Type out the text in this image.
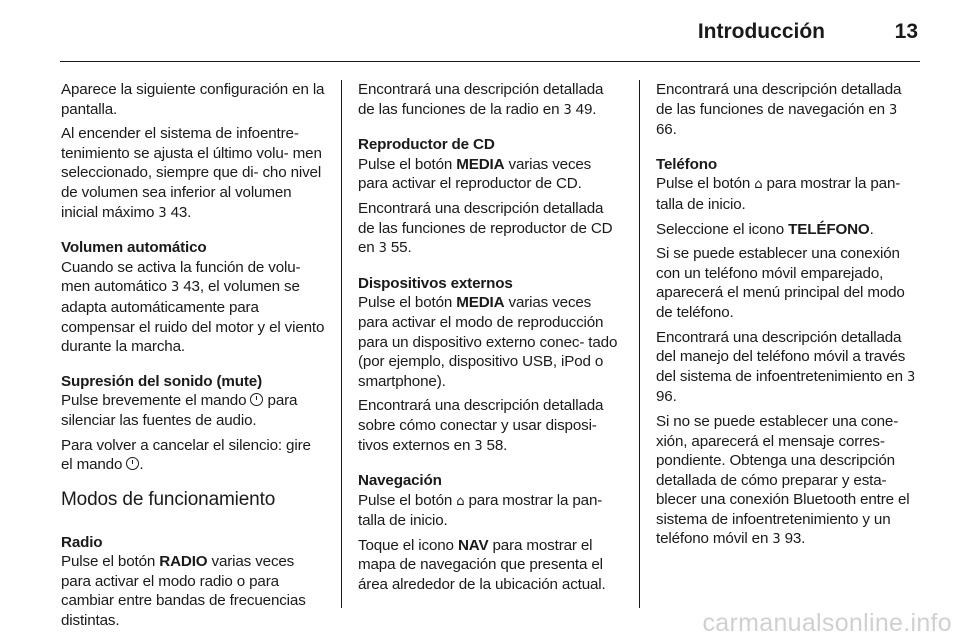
Introducción	13

Aparece la siguiente configuración en la pantalla.

Al encender el sistema de infoentre- tenimiento se ajusta el último volu- men seleccionado, siempre que di- cho nivel de volumen sea inferior al volumen inicial máximo 3 43.

Volumen automático
Cuando se activa la función de volu- men automático 3 43, el volumen se adapta automáticamente para compensar el ruido del motor y el viento durante la marcha.

Supresión del sonido (mute)
Pulse brevemente el mando para silenciar las fuentes de audio.

Para volver a cancelar el silencio: gire el mando .

Modos de funcionamiento

Radio
Pulse el botón RADIO varias veces para activar el modo radio o para cambiar entre bandas de frecuencias distintas.

Encontrará una descripción detallada de las funciones de la radio en 3 49.

Reproductor de CD
Pulse el botón MEDIA varias veces para activar el reproductor de CD.

Encontrará una descripción detallada de las funciones de reproductor de CD en 3 55.

Dispositivos externos
Pulse el botón MEDIA varias veces para activar el modo de reproducción para un dispositivo externo conec- tado (por ejemplo, dispositivo USB, iPod o smartphone).

Encontrará una descripción detallada sobre cómo conectar y usar disposi- tivos externos en 3 58.

Navegación
Pulse el botón ⌂ para mostrar la pan- talla de inicio.

Toque el icono NAV para mostrar el mapa de navegación que presenta el área alrededor de la ubicación actual.

Encontrará una descripción detallada de las funciones de navegación en 3 66.

Teléfono
Pulse el botón ⌂ para mostrar la pan- talla de inicio.

Seleccione el icono TELÉFONO.

Si se puede establecer una conexión con un teléfono móvil emparejado, aparecerá el menú principal del modo de teléfono.

Encontrará una descripción detallada del manejo del teléfono móvil a través del sistema de infoentretenimiento en 3 96.

Si no se puede establecer una cone- xión, aparecerá el mensaje corres- pondiente. Obtenga una descripción detallada de cómo preparar y esta- blecer una conexión Bluetooth entre el sistema de infoentretenimiento y un teléfono móvil en 3 93.

carmanualsonline.info
